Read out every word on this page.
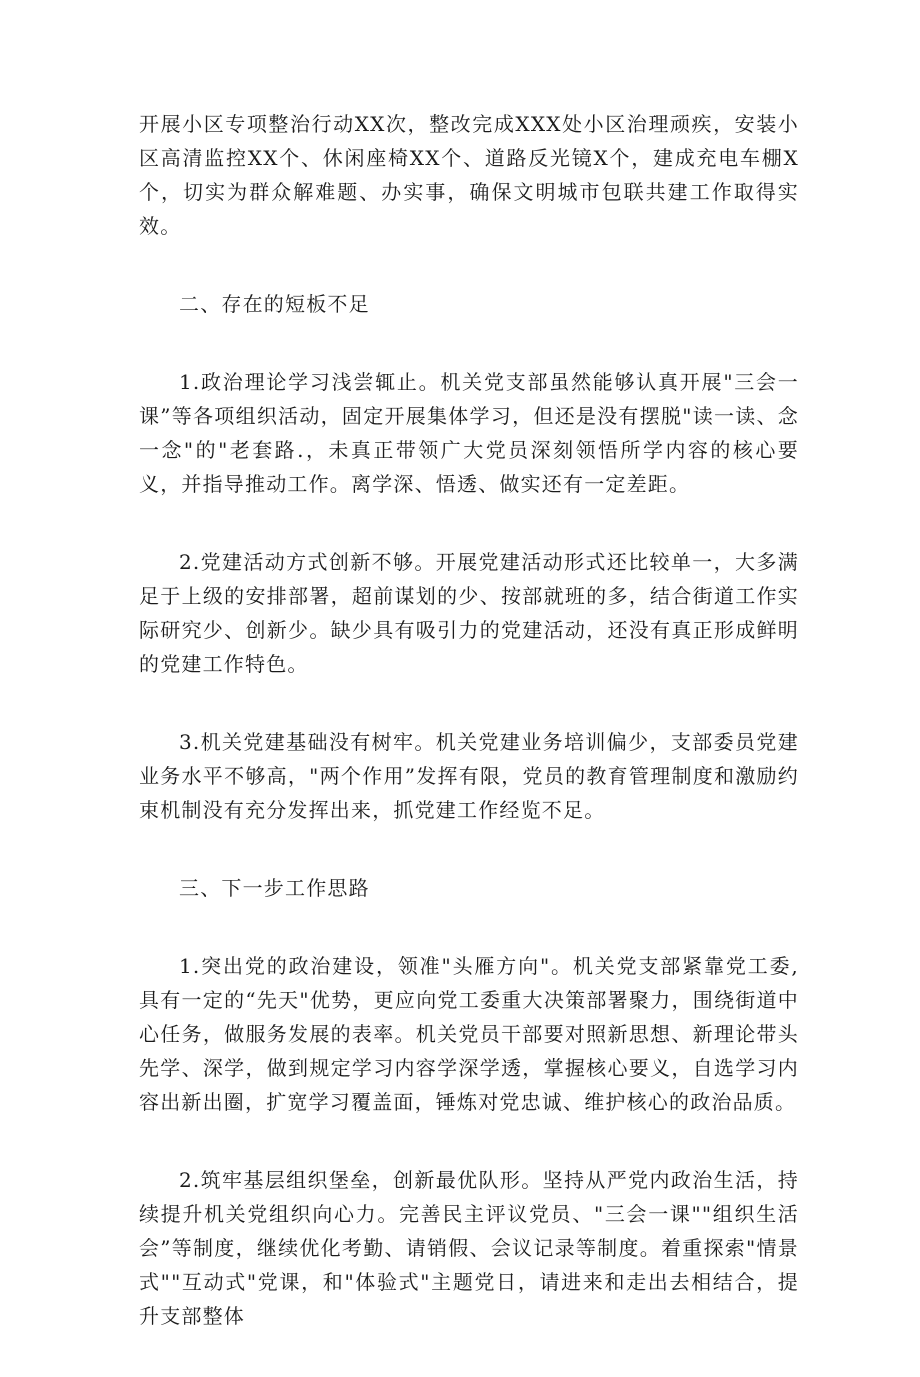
开展小区专项整治行动XX次，整改完成XXX处小区治理顽疾，安装小区高清监控XX个、休闲座椅XX个、道路反光镜X个，建成充电车棚X个，切实为群众解难题、办实事，确保文明城市包联共建工作取得实效。

二、存在的短板不足

1.政治理论学习浅尝辄止。机关党支部虽然能够认真开展"三会一课”等各项组织活动，固定开展集体学习，但还是没有摆脱"读一读、念一念"的"老套路.，未真正带领广大党员深刻领悟所学内容的核心要义，并指导推动工作。离学深、悟透、做实还有一定差距。

2.党建活动方式创新不够。开展党建活动形式还比较单一，大多满足于上级的安排部署，超前谋划的少、按部就班的多，结合街道工作实际研究少、创新少。缺少具有吸引力的党建活动，还没有真正形成鲜明的党建工作特色。

3.机关党建基础没有树牢。机关党建业务培训偏少，支部委员党建业务水平不够高，"两个作用”发挥有限，党员的教育管理制度和激励约束机制没有充分发挥出来，抓党建工作经览不足。

三、下一步工作思路

1.突出党的政治建设，领准"头雁方向"。机关党支部紧靠党工委,具有一定的“先天"优势，更应向党工委重大决策部署聚力，围绕街道中心任务，做服务发展的表率。机关党员干部要对照新思想、新理论带头先学、深学，做到规定学习内容学深学透，掌握核心要义，自选学习内容出新出圈，扩宽学习覆盖面，锤炼对党忠诚、维护核心的政治品质。

2.筑牢基层组织堡垒，创新最优队形。坚持从严党内政治生活，持续提升机关党组织向心力。完善民主评议党员、"三会一课""组织生活会”等制度，继续优化考勤、请销假、会议记录等制度。着重探索"情景式""互动式"党课，和"体验式"主题党日，请进来和走出去相结合，提升支部整体
